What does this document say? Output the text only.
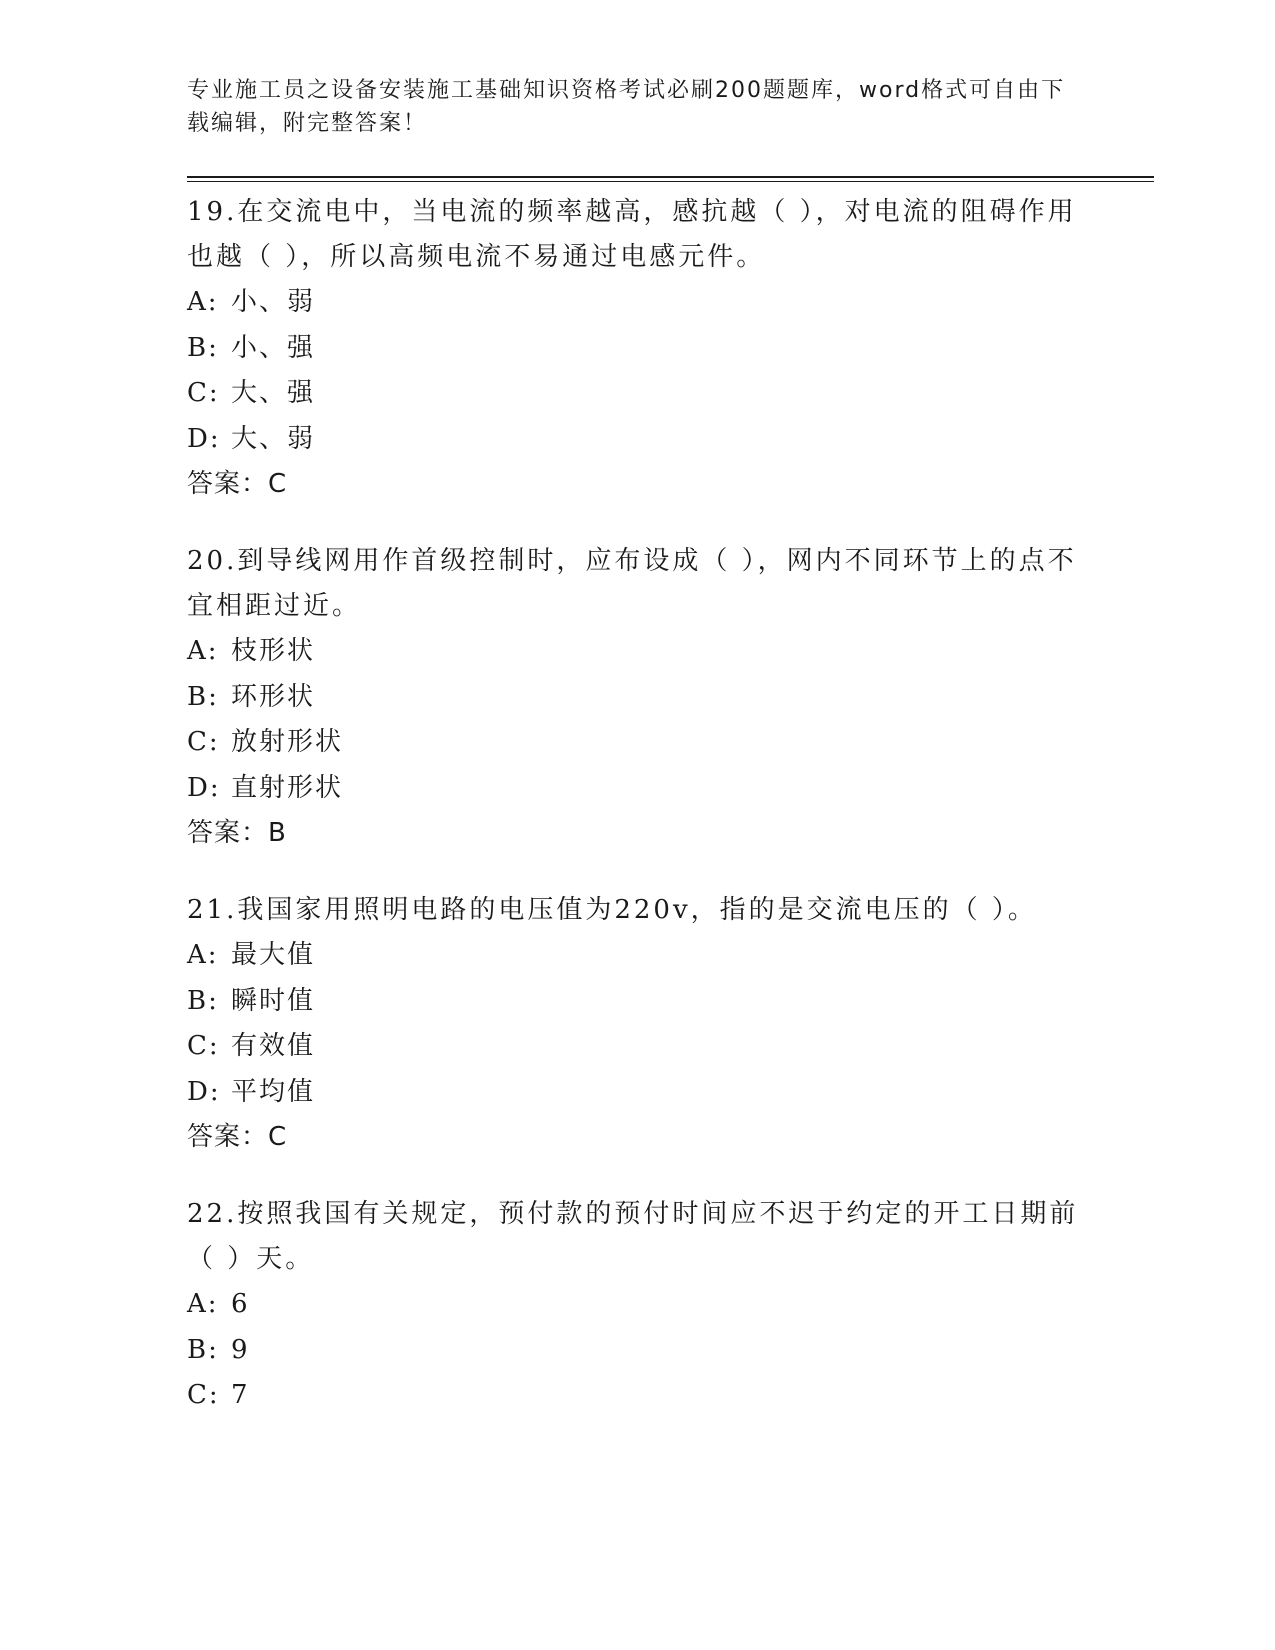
专业施工员之设备安装施工基础知识资格考试必刷200题题库，word格式可自由下载编辑，附完整答案！

19.在交流电中，当电流的频率越高，感抗越（ ），对电流的阻碍作用也越（ ），所以高频电流不易通过电感元件。

A: 小、弱
B: 小、强
C: 大、强
D: 大、弱
答案：C

20.到导线网用作首级控制时，应布设成（ ），网内不同环节上的点不宜相距过近。

A: 枝形状
B: 环形状
C: 放射形状
D: 直射形状
答案：B

21.我国家用照明电路的电压值为220v，指的是交流电压的（ ）。

A: 最大值
B: 瞬时值
C: 有效值
D: 平均值
答案：C

22.按照我国有关规定，预付款的预付时间应不迟于约定的开工日期前（ ）天。

A: 6
B: 9
C: 7
